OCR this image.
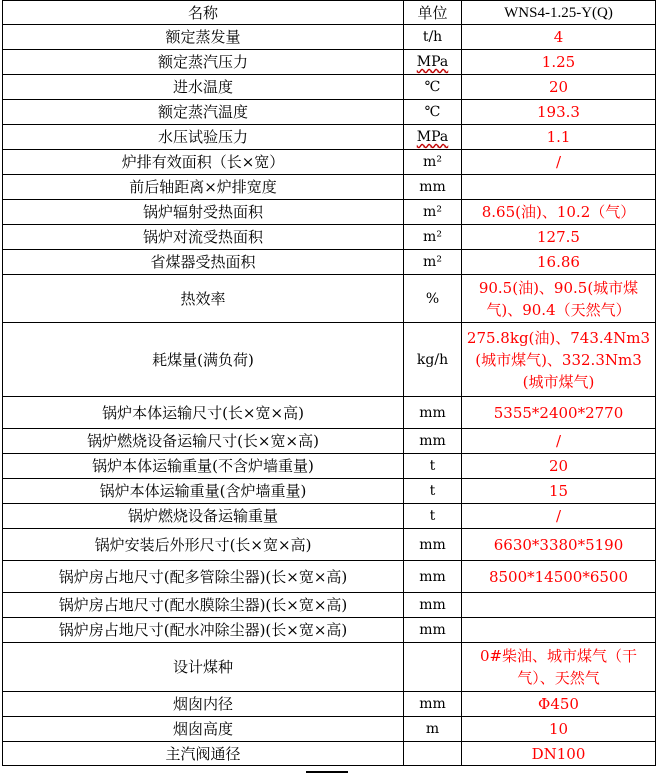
名称	单位	WNS4-1.25-Y(Q)
额定蒸发量	t/h	4
额定蒸汽压力	MPa	1.25
进水温度	℃	20
额定蒸汽温度	℃	193.3
水压试验压力	MPa	1.1
炉排有效面积（长×宽）	m²	/
前后轴距离×炉排宽度	mm	
锅炉辐射受热面积	m²	8.65(油)、10.2（气）
锅炉对流受热面积	m²	127.5
省煤器受热面积	m²	16.86
热效率	%	90.5(油)、90.5(城市煤气)、90.4（天然气）
耗煤量(满负荷)	kg/h	275.8kg(油)、743.4Nm3(城市煤气)、332.3Nm3(城市煤气)
锅炉本体运输尺寸(长×宽×高)	mm	5355*2400*2770
锅炉燃烧设备运输尺寸(长×宽×高)	mm	/
锅炉本体运输重量(不含炉墙重量)	t	20
锅炉本体运输重量(含炉墙重量)	t	15
锅炉燃烧设备运输重量	t	/
锅炉安装后外形尺寸(长×宽×高)	mm	6630*3380*5190
锅炉房占地尺寸(配多管除尘器)(长×宽×高)	mm	8500*14500*6500
锅炉房占地尺寸(配水膜除尘器)(长×宽×高)	mm	
锅炉房占地尺寸(配水冲除尘器)(长×宽×高)	mm	
设计煤种		0#柴油、城市煤气（干气）、天然气
烟囱内径	mm	Φ450
烟囱高度	m	10
主汽阀通径		DN100
